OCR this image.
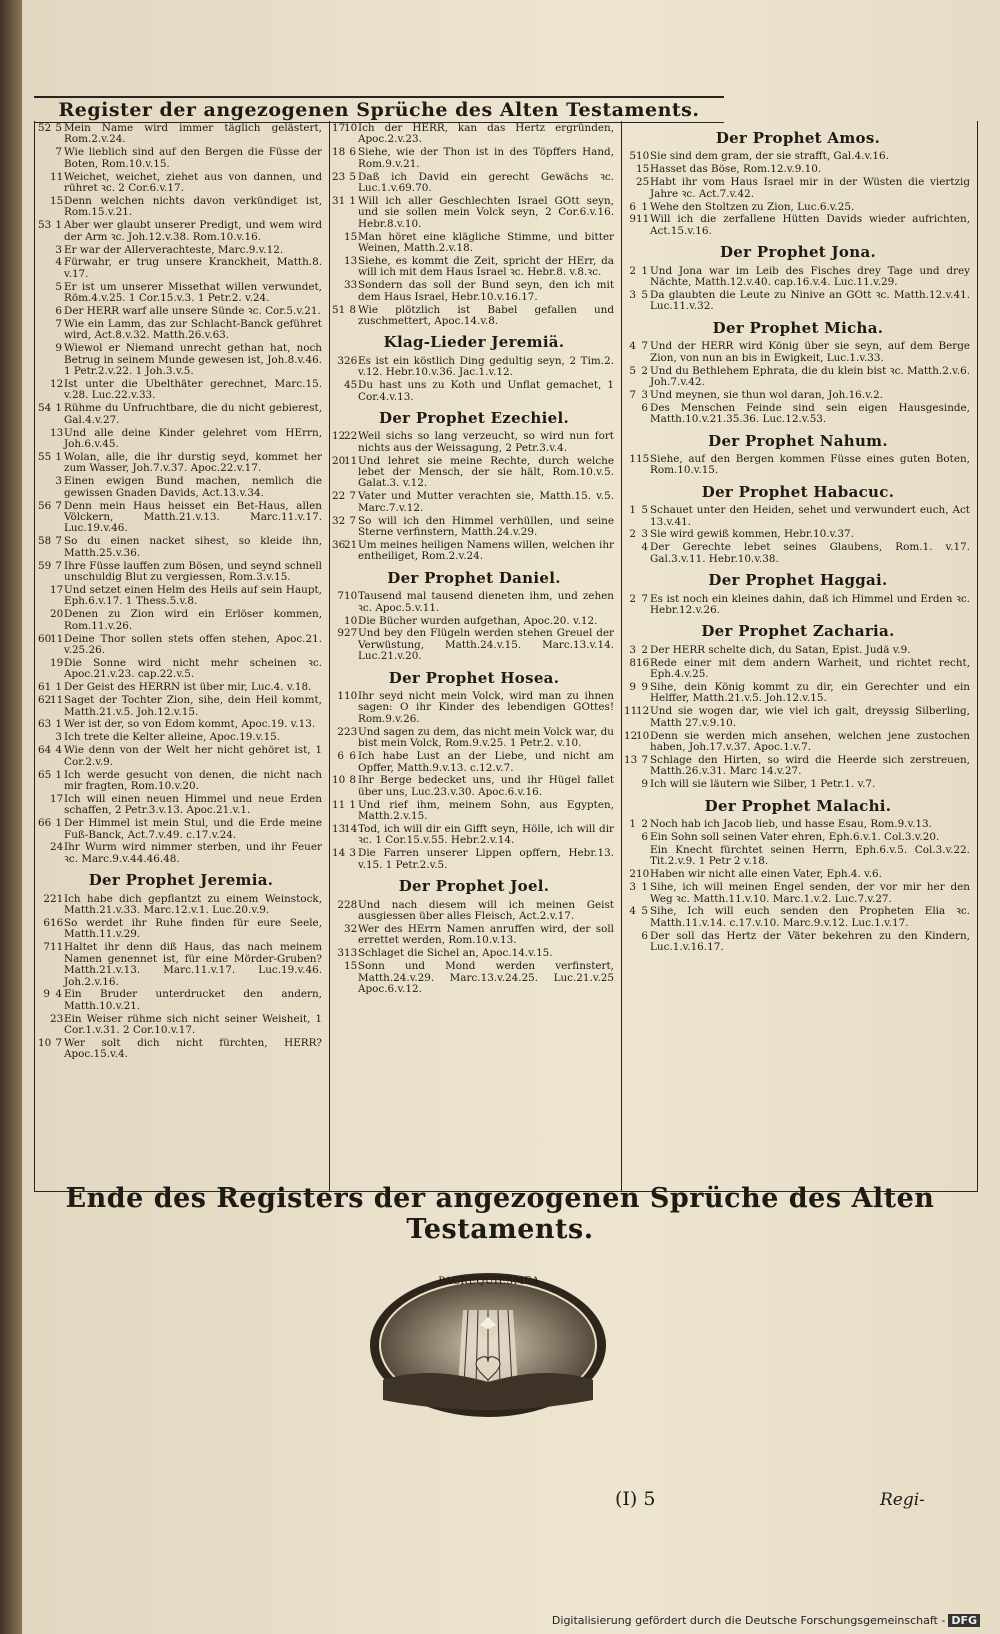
Register der angezogenen Sprüche des Alten Testaments.
52 5 Mein Name wird immer täglich gelästert, Rom.2.v.24.
7 Wie lieblich sind auf den Bergen die Füsse der Boten, Rom.10.v.15.
11 Weichet, weichet, ziehet aus von dannen, und rühret ꝛc. 2 Cor.6.v.17.
15 Denn welchen nichts davon verkündiget ist, Rom.15.v.21.
53 1 Aber wer glaubt unserer Predigt, und wem wird der Arm ꝛc. Joh.12.v.38. Rom.10.v.16.
3 Er war der Allerverachteste, Marc.9.v.12.
4 Fürwahr, er trug unsere Kranckheit, Matth.8. v.17.
5 Er ist um unserer Missethat willen verwundet, Röm.4.v.25. 1 Cor.15.v.3. 1 Petr.2. v.24.
6 Der HERR warf alle unsere Sünde ꝛc. Cor.5.v.21.
7 Wie ein Lamm, das zur Schlacht-Banck geführet wird, Act.8.v.32. Matth.26.v.63.
9 Wiewol er Niemand unrecht gethan hat, noch Betrug in seinem Munde gewesen ist, Joh.8.v.46. 1 Petr.2.v.22. 1 Joh.3.v.5.
12 Ist unter die Ubelthäter gerechnet, Marc.15. v.28. Luc.22.v.33.
54 1 Rühme du Unfruchtbare, die du nicht gebierest, Gal.4.v.27.
13 Und alle deine Kinder gelehret vom HErrn, Joh.6.v.45.
55 1 Wolan, alle, die ihr durstig seyd, kommet her zum Wasser, Joh.7.v.37. Apoc.22.v.17.
3 Einen ewigen Bund machen, nemlich die gewissen Gnaden Davids, Act.13.v.34.
56 7 Denn mein Haus heisset ein Bet-Haus, allen Völckern, Matth.21.v.13. Marc.11.v.17. Luc.19.v.46.
58 7 So du einen nacket sihest, so kleide ihn, Matth.25.v.36.
59 7 Ihre Füsse lauffen zum Bösen, und seynd schnell unschuldig Blut zu vergiessen, Rom.3.v.15.
17 Und setzet einen Helm des Heils auf sein Haupt, Eph.6.v.17. 1 Thess.5.v.8.
20 Denen zu Zion wird ein Erlöser kommen, Rom.11.v.26.
60
11 Deine Thor sollen stets offen stehen, Apoc.21. v.25.26.
19 Die Sonne wird nicht mehr scheinen ꝛc. Apoc.21.v.23. cap.22.v.5.
61 1 Der Geist des HERRN ist über mir, Luc.4. v.18.
62
11 Saget der Tochter Zion, sihe, dein Heil kommt, Matth.21.v.5. Joh.12.v.15.
63 1 Wer ist der, so von Edom kommt, Apoc.19. v.13.
3 Ich trete die Kelter alleine, Apoc.19.v.15.
64 4 Wie denn von der Welt her nicht gehöret ist, 1 Cor.2.v.9.
65 1 Ich werde gesucht von denen, die nicht nach mir fragten, Rom.10.v.20.
17 Ich will einen neuen Himmel und neue Erden schaffen, 2 Petr.3.v.13. Apoc.21.v.1.
66 1 Der Himmel ist mein Stul, und die Erde meine Fuß-Banck, Act.7.v.49. c.17.v.24.
24 Ihr Wurm wird nimmer sterben, und ihr Feuer ꝛc. Marc.9.v.44.46.48.
Der Prophet Jeremia.
2 21 Ich habe dich gepflantzt zu einem Weinstock, Matth.21.v.33. Marc.12.v.1. Luc.20.v.9.
6 16 So werdet ihr Ruhe finden für eure Seele, Matth.11.v.29.
7 11 Haltet ihr denn diß Haus, das nach meinem Namen genennet ist, für eine Mörder-Gruben? Matth.21.v.13. Marc.11.v.17. Luc.19.v.46. Joh.2.v.16.
9 4 Ein Bruder unterdrucket den andern, Matth.10.v.21.
23 Ein Weiser rühme sich nicht seiner Weisheit, 1 Cor.1.v.31. 2 Cor.10.v.17.
10 7 Wer solt dich nicht fürchten, HERR? Apoc.15.v.4.
17
10 Ich der HERR, kan das Hertz ergründen, Apoc.2.v.23.
18 6 Siehe, wie der Thon ist in des Töpffers Hand, Rom.9.v.21.
23 5 Daß ich David ein gerecht Gewächs ꝛc. Luc.1.v.69.70.
31 1 Will ich aller Geschlechten Israel GOtt seyn, und sie sollen mein Volck seyn, 2 Cor.6.v.16. Hebr.8.v.10.
15 Man höret eine klägliche Stimme, und bitter Weinen, Matth.2.v.18.
13 Siehe, es kommt die Zeit, spricht der HErr, da will ich mit dem Haus Israel ꝛc. Hebr.8. v.8.ꝛc.
33 Sondern das soll der Bund seyn, den ich mit dem Haus Israel, Hebr.10.v.16.17.
51 8 Wie plötzlich ist Babel gefallen und zuschmettert, Apoc.14.v.8.
Klag-Lieder Jeremiä.
3 26 Es ist ein köstlich Ding gedultig seyn, 2 Tim.2. v.12. Hebr.10.v.36. Jac.1.v.12.
45 Du hast uns zu Koth und Unflat gemachet, 1 Cor.4.v.13.
Der Prophet Ezechiel.
12
22 Weil sichs so lang verzeucht, so wird nun fort nichts aus der Weissagung, 2 Petr.3.v.4.
20
11 Und lehret sie meine Rechte, durch welche lebet der Mensch, der sie hält, Rom.10.v.5. Galat.3. v.12.
22 7 Vater und Mutter verachten sie, Matth.15. v.5. Marc.7.v.12.
32 7 So will ich den Himmel verhüllen, und seine Sterne verfinstern, Matth.24.v.29.
36
21 Um meines heiligen Namens willen, welchen ihr entheiliget, Rom.2.v.24.
Der Prophet Daniel.
7 10 Tausend mal tausend dieneten ihm, und zehen ꝛc. Apoc.5.v.11.
10 Die Bücher wurden aufgethan, Apoc.20. v.12.
9 27 Und bey den Flügeln werden stehen Greuel der Verwüstung, Matth.24.v.15. Marc.13.v.14. Luc.21.v.20.
Der Prophet Hosea.
1 10 Ihr seyd nicht mein Volck, wird man zu ihnen sagen: O ihr Kinder des lebendigen GOttes! Rom.9.v.26.
2 23 Und sagen zu dem, das nicht mein Volck war, du bist mein Volck, Rom.9.v.25. 1 Petr.2. v.10.
6 6 Ich habe Lust an der Liebe, und nicht am Opffer, Matth.9.v.13. c.12.v.7.
10 8 Ihr Berge bedecket uns, und ihr Hügel fallet über uns, Luc.23.v.30. Apoc.6.v.16.
11 1 Und rief ihm, meinem Sohn, aus Egypten, Matth.2.v.15.
13
14 Tod, ich will dir ein Gifft seyn, Hölle, ich will dir ꝛc. 1 Cor.15.v.55. Hebr.2.v.14.
14 3 Die Farren unserer Lippen opffern, Hebr.13. v.15. 1 Petr.2.v.5.
Der Prophet Joel.
2 28 Und nach diesem will ich meinen Geist ausgiessen über alles Fleisch, Act.2.v.17.
32 Wer des HErrn Namen anruffen wird, der soll errettet werden, Rom.10.v.13.
3 13 Schlaget die Sichel an, Apoc.14.v.15.
15 Sonn und Mond werden verfinstert, Matth.24.v.29. Marc.13.v.24.25. Luc.21.v.25 Apoc.6.v.12.
Der Prophet Amos.
5 10 Sie sind dem gram, der sie strafft, Gal.4.v.16.
15 Hasset das Böse, Rom.12.v.9.10.
25 Habt ihr vom Haus Israel mir in der Wüsten die viertzig Jahre ꝛc. Act.7.v.42.
6 1 Wehe den Stoltzen zu Zion, Luc.6.v.25.
9 11 Will ich die zerfallene Hütten Davids wieder aufrichten, Act.15.v.16.
Der Prophet Jona.
2 1 Und Jona war im Leib des Fisches drey Tage und drey Nächte, Matth.12.v.40. cap.16.v.4. Luc.11.v.29.
3 5 Da glaubten die Leute zu Ninive an GOtt ꝛc. Matth.12.v.41. Luc.11.v.32.
Der Prophet Micha.
4 7 Und der HERR wird König über sie seyn, auf dem Berge Zion, von nun an bis in Ewigkeit, Luc.1.v.33.
5 2 Und du Bethlehem Ephrata, die du klein bist ꝛc. Matth.2.v.6. Joh.7.v.42.
7 3 Und meynen, sie thun wol daran, Joh.16.v.2.
6 Des Menschen Feinde sind sein eigen Hausgesinde, Matth.10.v.21.35.36. Luc.12.v.53.
Der Prophet Nahum.
1 15 Siehe, auf den Bergen kommen Füsse eines guten Boten, Rom.10.v.15.
Der Prophet Habacuc.
1 5 Schauet unter den Heiden, sehet und verwundert euch, Act 13.v.41.
2 3 Sie wird gewiß kommen, Hebr.10.v.37.
4 Der Gerechte lebet seines Glaubens, Rom.1. v.17. Gal.3.v.11. Hebr.10.v.38.
Der Prophet Haggai.
2 7 Es ist noch ein kleines dahin, daß ich Himmel und Erden ꝛc. Hebr.12.v.26.
Der Prophet Zacharia.
3 2 Der HERR schelte dich, du Satan, Epist. Judä v.9.
8 16 Rede einer mit dem andern Warheit, und richtet recht, Eph.4.v.25.
9 9 Sihe, dein König kommt zu dir, ein Gerechter und ein Helffer, Matth.21.v.5. Joh.12.v.15.
11
12 Und sie wogen dar, wie viel ich galt, dreyssig Silberling, Matth 27.v.9.10.
12
10 Denn sie werden mich ansehen, welchen jene zustochen haben, Joh.17.v.37. Apoc.1.v.7.
13 7 Schlage den Hirten, so wird die Heerde sich zerstreuen, Matth.26.v.31. Marc 14.v.27.
9 Ich will sie läutern wie Silber, 1 Petr.1. v.7.
Der Prophet Malachi.
1 2 Noch hab ich Jacob lieb, und hasse Esau, Rom.9.v.13.
6 Ein Sohn soll seinen Vater ehren, Eph.6.v.1. Col.3.v.20.
Ein Knecht fürchtet seinen Herrn, Eph.6.v.5. Col.3.v.22. Tit.2.v.9. 1 Petr 2 v.18.
2 10 Haben wir nicht alle einen Vater, Eph.4. v.6.
3 1 Sihe, ich will meinen Engel senden, der vor mir her den Weg ꝛc. Matth.11.v.10. Marc.1.v.2. Luc.7.v.27.
4 5 Sihe, Ich will euch senden den Propheten Elia ꝛc. Matth.11.v.14. c.17.v.10. Marc.9.v.12. Luc.1.v.17.
6 Der soll das Hertz der Väter bekehren zu den Kindern, Luc.1.v.16.17.
Ende des Registers der angezogenen Sprüche des Alten Testaments.
PACREQUIESMEA
(I) 5	Regi-
Digitalisierung gefördert durch die Deutsche Forschungsgemeinschaft - DFG
